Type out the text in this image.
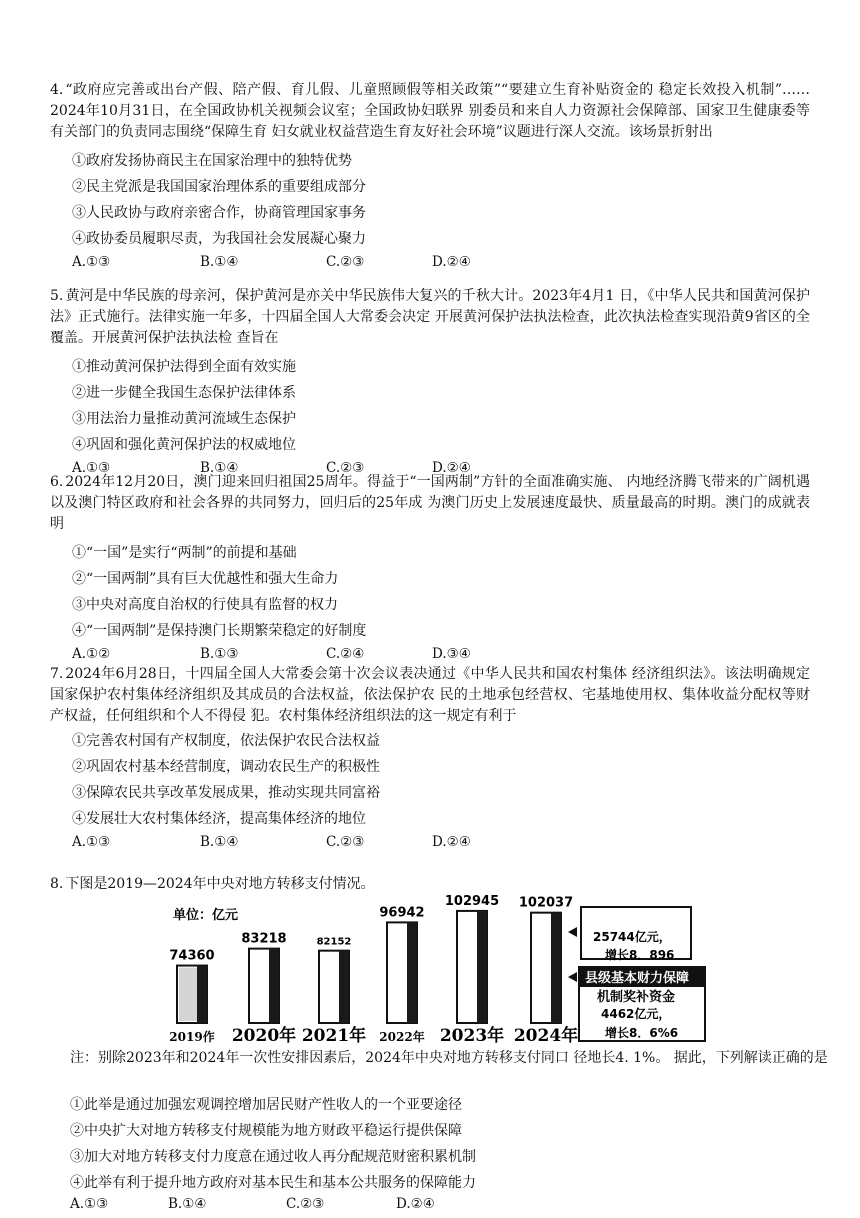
4. “政府应完善或出台产假、陪产假、育儿假、儿童照顾假等相关政策”“要建立生育补贴资金的 稳定长效投入机制”……2024年10月31日，在全国政协机关视频会议室；全国政协妇联界 别委员和来自人力资源社会保障部、国家卫生健康委等有关部门的负责同志围绕“保障生育 妇女就业权益营造生育友好社会环境”议题进行深人交流。该场景折射出

①政府发扬协商民主在国家治理中的独特优势

②民主党派是我国国家治理体系的重要组成部分

③人民政协与政府亲密合作，协商管理国家事务

④政协委员履职尽责，为我国社会发展凝心聚力

A.①③	B.①④	C.②③	D.②④

5. 黄河是中华民族的母亲河，保护黄河是亦关中华民族伟大复兴的千秋大计。2023年4月1 日，《中华人民共和国黄河保护法》正式施行。法律实施一年多，十四届全国人大常委会决定 开展黄河保护法执法检查，此次执法检查实现沿黄9省区的全覆盖。开展黄河保护法执法检 查旨在

①推动黄河保护法得到全面有效实施

②进一步健全我国生态保护法律体系

③用法治力量推动黄河流域生态保护

④巩固和强化黄河保护法的权威地位

A.①③	B.①④	C.②③	D.②④

6. 2024年12月20日，澳门迎来回归祖国25周年。得益于“一国两制”方针的全面准确实施、 内地经济腾飞带来的广阔机遇以及澳门特区政府和社会各界的共同努力，回归后的25年成 为澳门历史上发展速度最快、质量最高的时期。澳门的成就表明

①“一国”是实行“两制”的前提和基础

②“一国两制”具有巨大优越性和强大生命力

③中央对高度自治权的行使具有监督的权力

④“一国两制”是保持澳门长期繁荣稳定的好制度

A.①②	B.①③	C.②④	D.③④

7. 2024年6月28日，十四届全国人大常委会第十次会议表决通过《中华人民共和国农村集体 经济组织法》。该法明确规定国家保护农村集体经济组织及其成员的合法权益，依法保护农 民的土地承包经营权、宅基地使用权、集体收益分配权等财产权益，任何组织和个人不得侵 犯。农村集体经济组织法的这一规定有利于

①完善农村国有产权制度，依法保护农民合法权益

②巩固农村基本经营制度，调动农民生产的积极性

③保障农民共享改革发展成果，推动实现共同富裕

④发展壮大农村集体经济，提高集体经济的地位

A.①③	B.①④	C.②③	D.②④

8. 下图是2019—2024年中央对地方转移支付情况。

单位：亿元
74360
2019作
83218
2020年
82152
2021年
96942
2022年
102945
2023年
102037
2024年
25744亿元，
增长8．896
县级基本财力保障
机制奖补资金
4462亿元，
增长8．6%6

注：别除2023年和2024年一次性安排因素后，2024年中央对地方转移支付同口 径地长4. 1%。 据此，下列解读正确的是

①此举是通过加强宏观调控增加居民财产性收人的一个亚要途径

②中央扩大对地方转移支付规模能为地方财政平稳运行提供保障

③加大对地方转移支付力度意在通过收人再分配规范财密积累机制

④此举有利于提升地方政府对基本民生和基本公共服务的保障能力

A.①③	B.①④	C.②③	D.②④
